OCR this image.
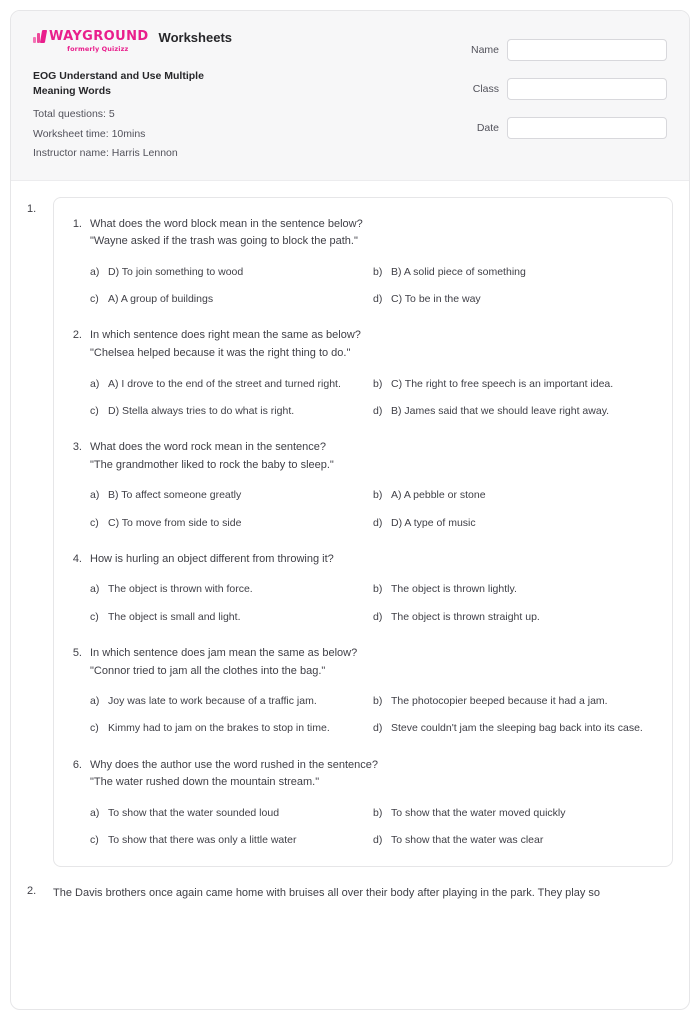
WAYGROUND
formerly Quizizz
Worksheets
EOG Understand and Use Multiple Meaning Words
Total questions: 5
Worksheet time: 10mins
Instructor name: Harris Lennon
Name
Class
Date
1.
1. What does the word block mean in the sentence below?
"Wayne asked if the trash was going to block the path."
a) D) To join something to wood	b) B) A solid piece of something
c) A) A group of buildings	d) C) To be in the way
2. In which sentence does right mean the same as below?
"Chelsea helped because it was the right thing to do."
a) A) I drove to the end of the street and turned right.	b) C) The right to free speech is an important idea.
c) D) Stella always tries to do what is right.	d) B) James said that we should leave right away.
3. What does the word rock mean in the sentence?
"The grandmother liked to rock the baby to sleep."
a) B) To affect someone greatly	b) A) A pebble or stone
c) C) To move from side to side	d) D) A type of music
4. How is hurling an object different from throwing it?
a) The object is thrown with force.	b) The object is thrown lightly.
c) The object is small and light.	d) The object is thrown straight up.
5. In which sentence does jam mean the same as below?
"Connor tried to jam all the clothes into the bag."
a) Joy was late to work because of a traffic jam.	b) The photocopier beeped because it had a jam.
c) Kimmy had to jam on the brakes to stop in time.	d) Steve couldn't jam the sleeping bag back into its case.
6. Why does the author use the word rushed in the sentence?
"The water rushed down the mountain stream."
a) To show that the water sounded loud	b) To show that the water moved quickly
c) To show that there was only a little water	d) To show that the water was clear
2.	The Davis brothers once again came home with bruises all over their body after playing in the park. They play so
